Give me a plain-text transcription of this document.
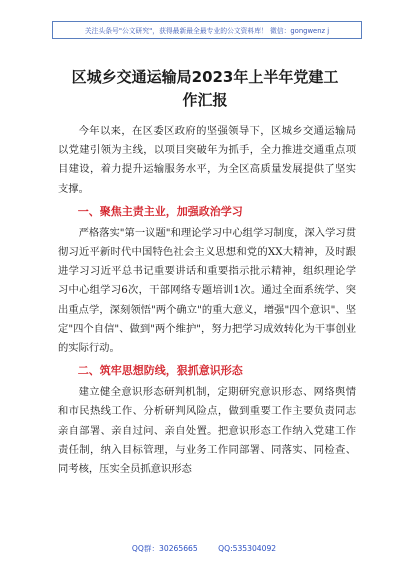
关注头条号"公文研究"，获得最新最全最专业的公文资料库！ 微信：gongwenz j
区城乡交通运输局2023年上半年党建工
作汇报

今年以来，在区委区政府的坚强领导下，区城乡交通运输局以党建引领为主线，以项目突破年为抓手，全力推进交通重点项目建设，着力提升运输服务水平，为全区高质量发展提供了坚实支撑。

一、聚焦主责主业，加强政治学习

严格落实"第一议题"和理论学习中心组学习制度，深入学习贯彻习近平新时代中国特色社会主义思想和党的XX大精神，及时跟进学习习近平总书记重要讲话和重要指示批示精神，组织理论学习中心组学习6次，干部网络专题培训1次。通过全面系统学、突出重点学，深刻领悟"两个确立"的重大意义，增强"四个意识"、坚定"四个自信"、做到"两个维护"，努力把学习成效转化为干事创业的实际行动。

二、筑牢思想防线，狠抓意识形态

建立健全意识形态研判机制，定期研究意识形态、网络舆情和市民热线工作、分析研判风险点，做到重要工作主要负责同志亲自部署、亲自过问、亲自处置。把意识形态工作纳入党建工作责任制，纳入目标管理，与业务工作同部署、同落实、同检查、同考核，压实全员抓意识形态

QQ群：30265665	QQ:535304092
